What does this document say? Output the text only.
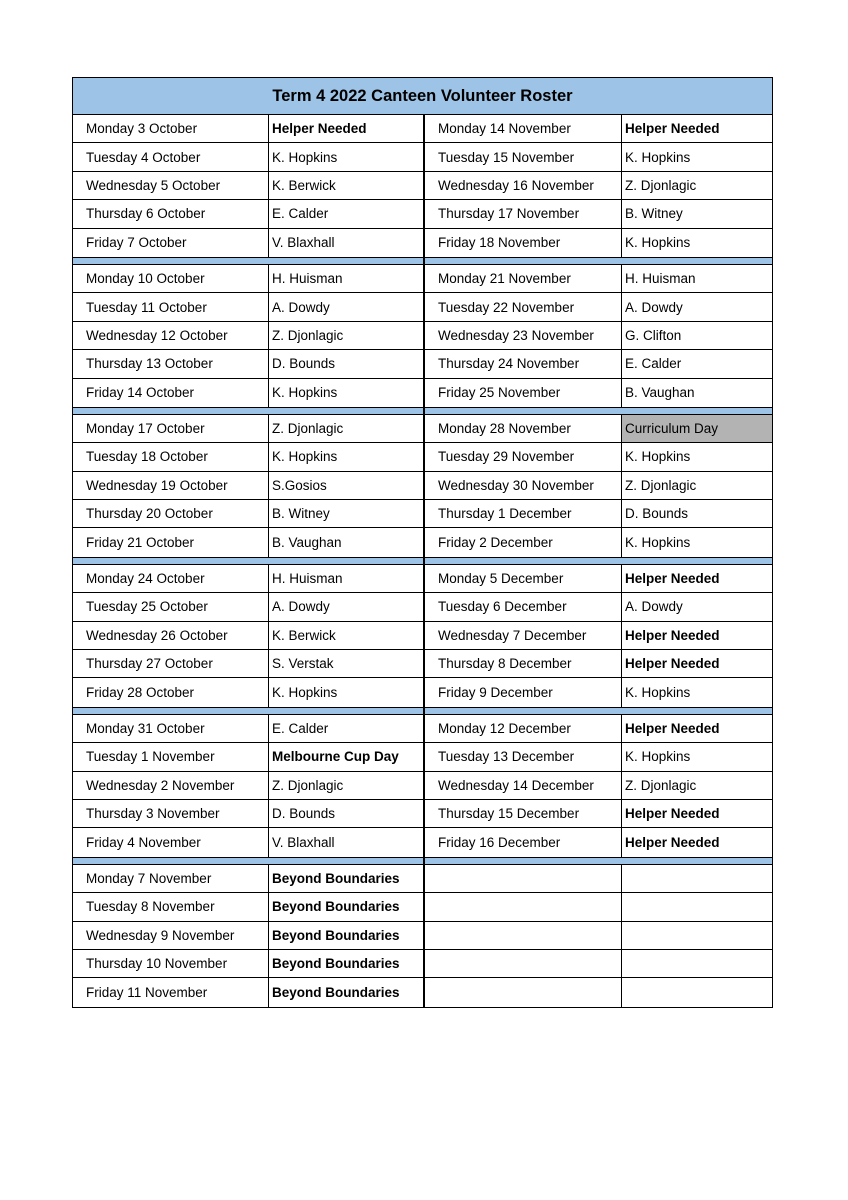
Term 4 2022 Canteen Volunteer Roster
Monday 3 October	Helper Needed
Tuesday 4 October	K. Hopkins
Wednesday 5 October	K. Berwick
Thursday 6 October	E. Calder
Friday 7 October	V. Blaxhall
Monday 10 October	H. Huisman
Tuesday 11 October	A. Dowdy
Wednesday 12 October	Z. Djonlagic
Thursday 13 October	D. Bounds
Friday 14 October	K. Hopkins
Monday 17 October	Z. Djonlagic
Tuesday 18 October	K. Hopkins
Wednesday 19 October	S.Gosios
Thursday 20 October	B. Witney
Friday 21 October	B. Vaughan
Monday 24 October	H. Huisman
Tuesday 25 October	A. Dowdy
Wednesday 26 October	K. Berwick
Thursday 27 October	S. Verstak
Friday 28 October	K. Hopkins
Monday 31 October	E. Calder
Tuesday 1 November	Melbourne Cup Day
Wednesday 2 November	Z. Djonlagic
Thursday 3 November	D. Bounds
Friday 4 November	V. Blaxhall
Monday 7 November	Beyond Boundaries
Tuesday 8 November	Beyond Boundaries
Wednesday 9 November	Beyond Boundaries
Thursday 10 November	Beyond Boundaries
Friday 11 November	Beyond Boundaries
Monday 14 November	Helper Needed
Tuesday 15 November	K. Hopkins
Wednesday 16 November	Z. Djonlagic
Thursday 17 November	B. Witney
Friday 18 November	K. Hopkins
Monday 21 November	H. Huisman
Tuesday 22 November	A. Dowdy
Wednesday 23 November	G. Clifton
Thursday 24 November	E. Calder
Friday 25 November	B. Vaughan
Monday 28 November	Curriculum Day
Tuesday 29 November	K. Hopkins
Wednesday 30 November	Z. Djonlagic
Thursday 1 December	D. Bounds
Friday 2 December	K. Hopkins
Monday 5 December	Helper Needed
Tuesday 6 December	A. Dowdy
Wednesday 7 December	Helper Needed
Thursday 8 December	Helper Needed
Friday 9 December	K. Hopkins
Monday 12 December	Helper Needed
Tuesday 13 December	K. Hopkins
Wednesday 14 December	Z. Djonlagic
Thursday 15 December	Helper Needed
Friday 16 December	Helper Needed
